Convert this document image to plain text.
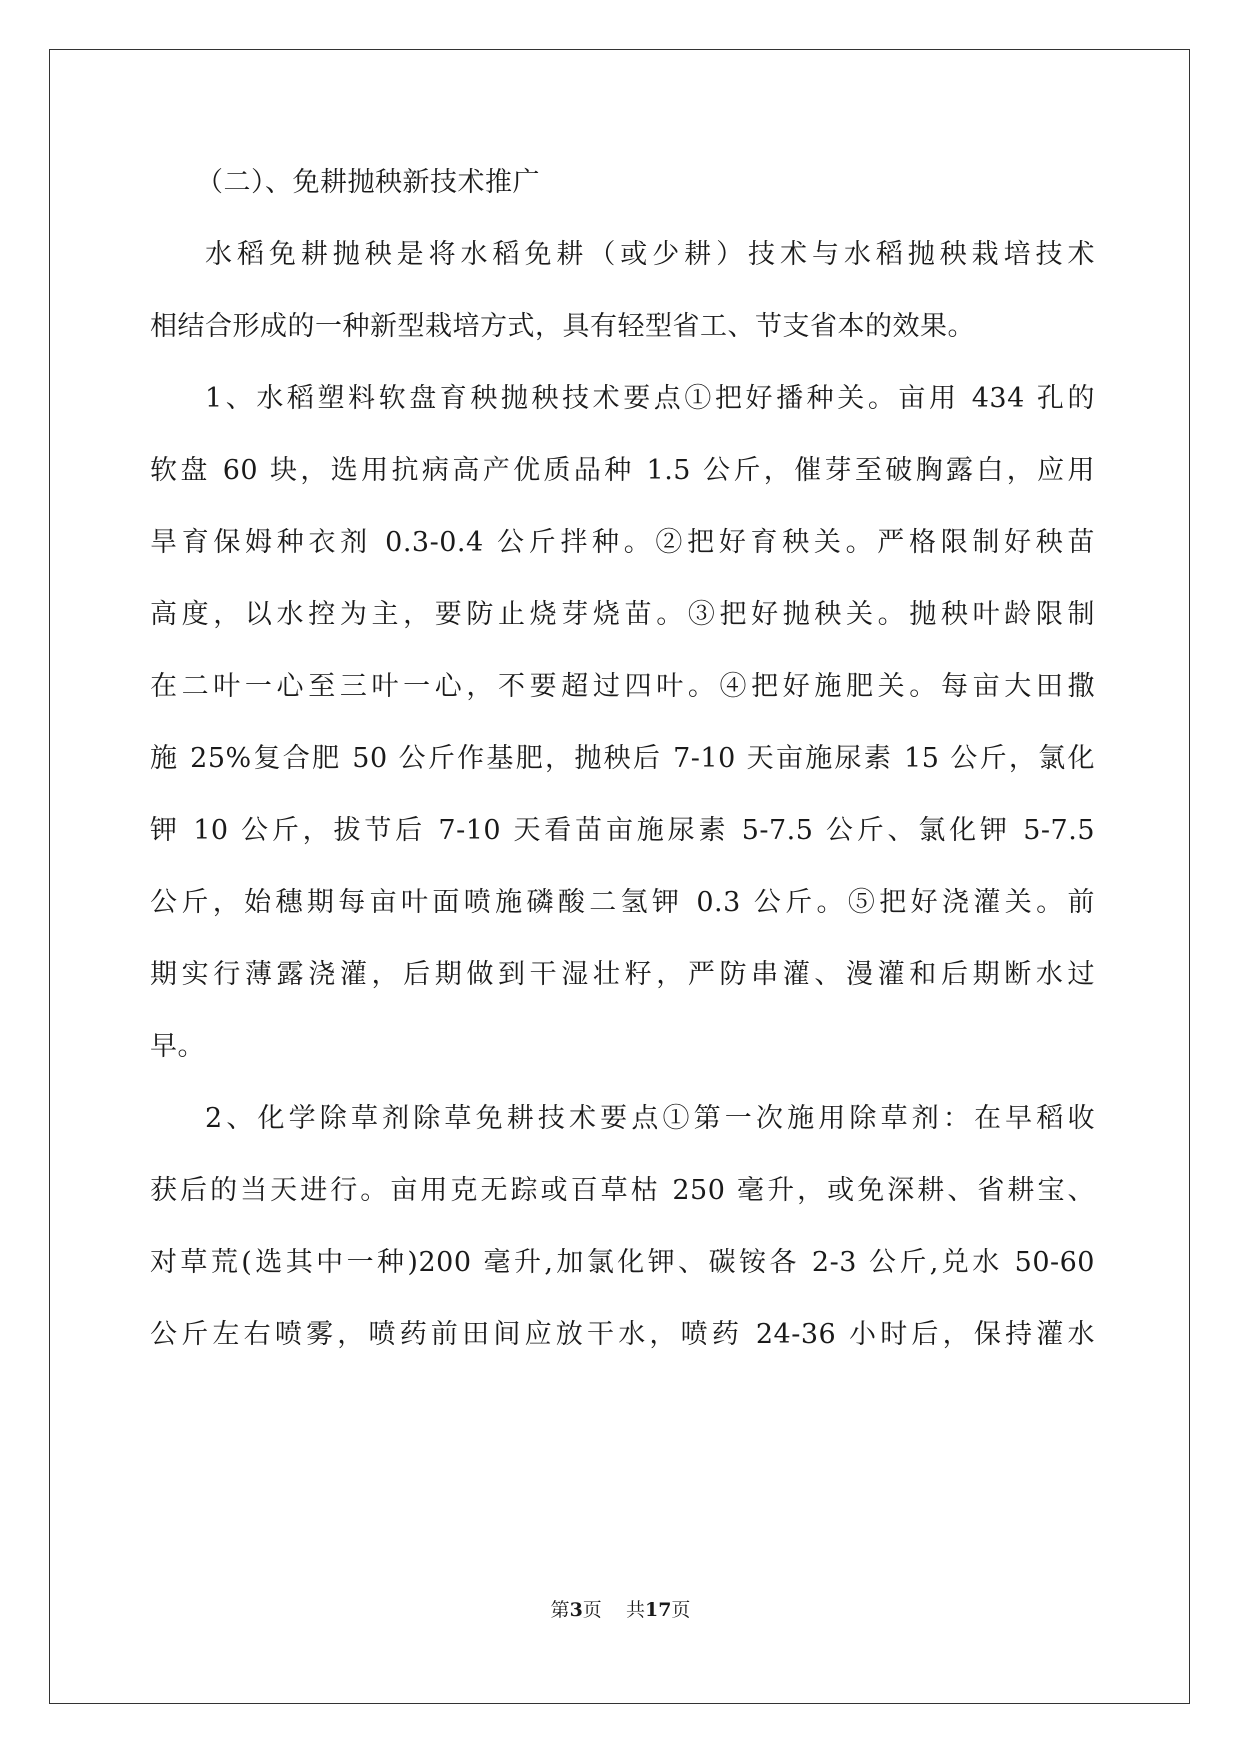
（二）、免耕抛秧新技术推广
水稻免耕抛秧是将水稻免耕（或少耕）技术与水稻抛秧栽培技术
相结合形成的一种新型栽培方式，具有轻型省工、节支省本的效果。
1、水稻塑料软盘育秧抛秧技术要点①把好播种关。亩用 434 孔的
软盘 60 块，选用抗病高产优质品种 1.5 公斤，催芽至破胸露白，应用
旱育保姆种衣剂 0.3-0.4 公斤拌种。②把好育秧关。严格限制好秧苗
高度，以水控为主，要防止烧芽烧苗。③把好抛秧关。抛秧叶龄限制
在二叶一心至三叶一心，不要超过四叶。④把好施肥关。每亩大田撒
施 25%复合肥 50 公斤作基肥，抛秧后 7-10 天亩施尿素 15 公斤，氯化
钾 10 公斤，拔节后 7-10 天看苗亩施尿素 5-7.5 公斤、氯化钾 5-7.5
公斤，始穗期每亩叶面喷施磷酸二氢钾 0.3 公斤。⑤把好浇灌关。前
期实行薄露浇灌，后期做到干湿壮籽，严防串灌、漫灌和后期断水过
早。
2、化学除草剂除草免耕技术要点①第一次施用除草剂：在早稻收
获后的当天进行。亩用克无踪或百草枯 250 毫升，或免深耕、省耕宝、
对草荒(选其中一种)200 毫升,加氯化钾、碳铵各 2-3 公斤,兑水 50-60
公斤左右喷雾，喷药前田间应放干水，喷药 24-36 小时后，保持灌水
第3页    共17页
